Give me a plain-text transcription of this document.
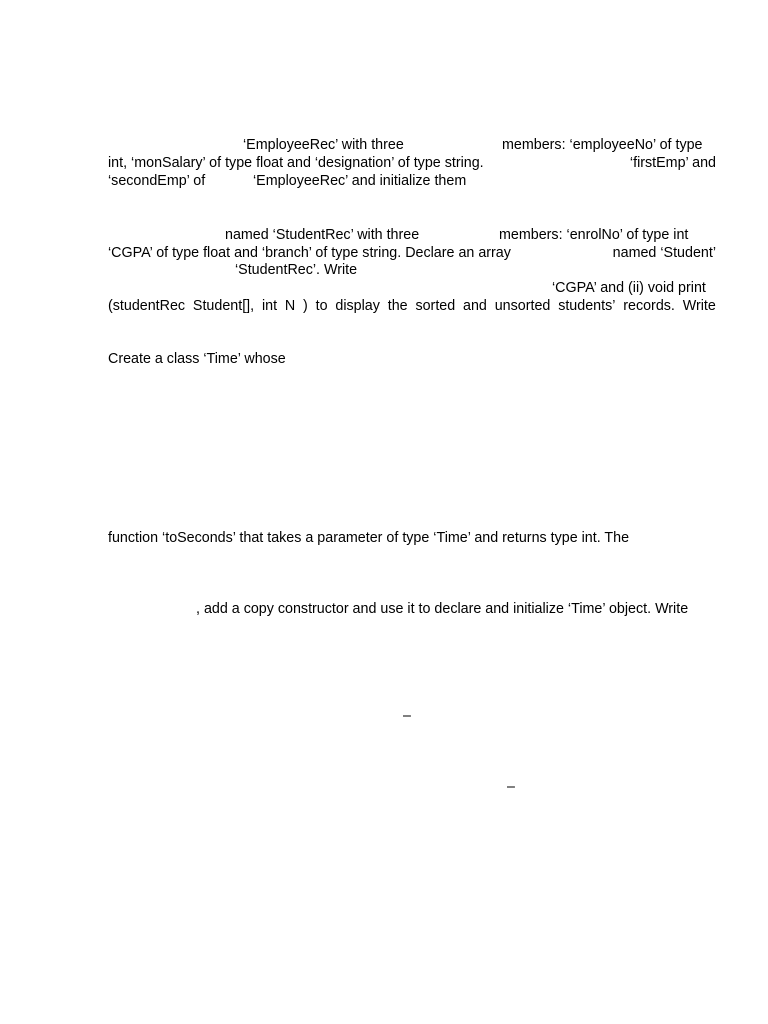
‘EmployeeRec’ with three	members: ‘employeeNo’ of type
int, ‘monSalary’ of type float and ‘designation’ of type string.	‘firstEmp’ and
‘secondEmp’ of	‘EmployeeRec’ and initialize them
named ‘StudentRec’ with three	members: ‘enrolNo’ of type int
‘CGPA’ of type float and ‘branch’ of type string. Declare an array	named ‘Student’
‘StudentRec’. Write
‘CGPA’ and (ii) void print
(studentRec Student[], int N ) to display the sorted and unsorted students’ records. Write
Create a class ‘Time’ whose
function ‘toSeconds’ that takes a parameter of type ‘Time’ and returns type int. The
, add a copy constructor and use it to declare and initialize ‘Time’ object. Write
–
–
